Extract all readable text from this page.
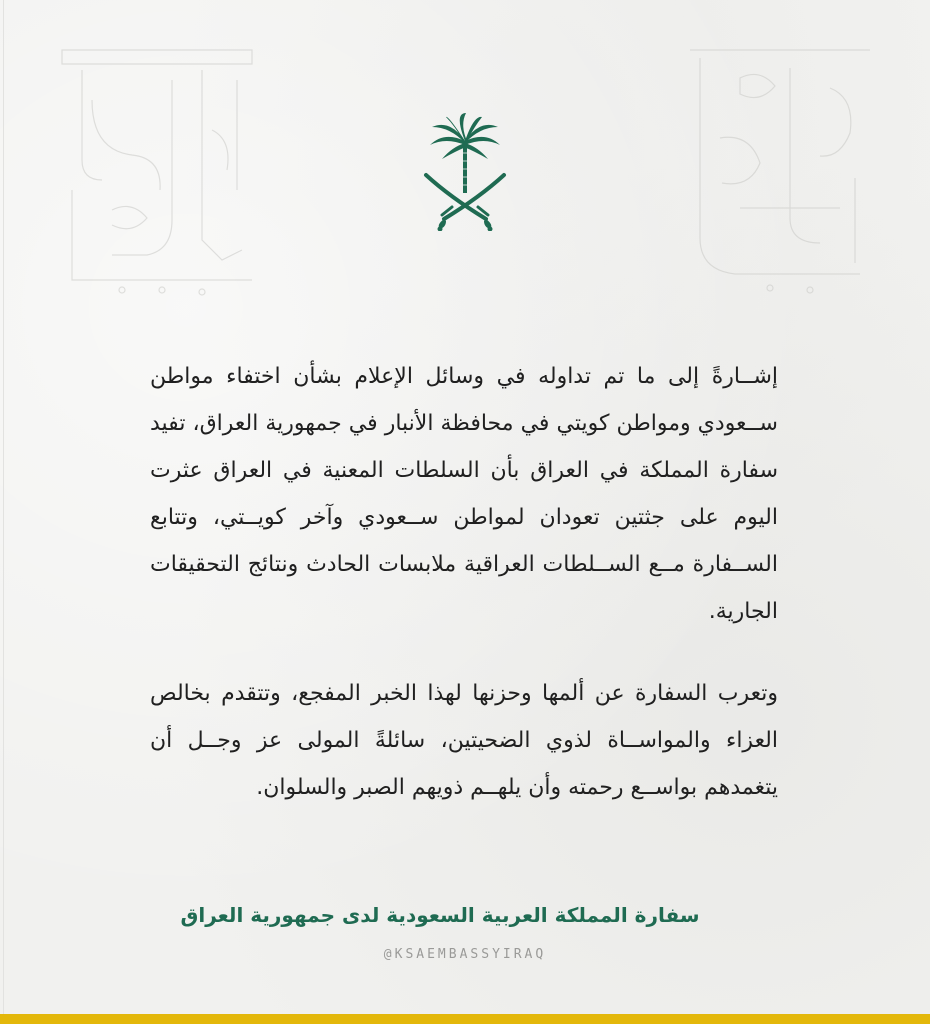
إشــارةً إلى ما تم تداوله في وسائل الإعلام بشأن اختفاء مواطن ســعودي ومواطن كويتي في محافظة الأنبار في جمهورية العراق، تفيد سفارة المملكة في العراق بأن السلطات المعنية في العراق عثرت اليوم على جثتين تعودان لمواطن ســعودي وآخر كويــتي، وتتابع الســفارة مــع الســلطات العراقية ملابسات الحادث ونتائج التحقيقات الجارية.

وتعرب السفارة عن ألمها وحزنها لهذا الخبر المفجع، وتتقدم بخالص العزاء والمواســاة لذوي الضحيتين، سائلةً المولى عز وجــل أن يتغمدهم بواســع رحمته وأن يلهــم ذويهم الصبر والسلوان.

سفارة المملكة العربية السعودية لدى جمهورية العراق

@KSAEMBASSYIRAQ
